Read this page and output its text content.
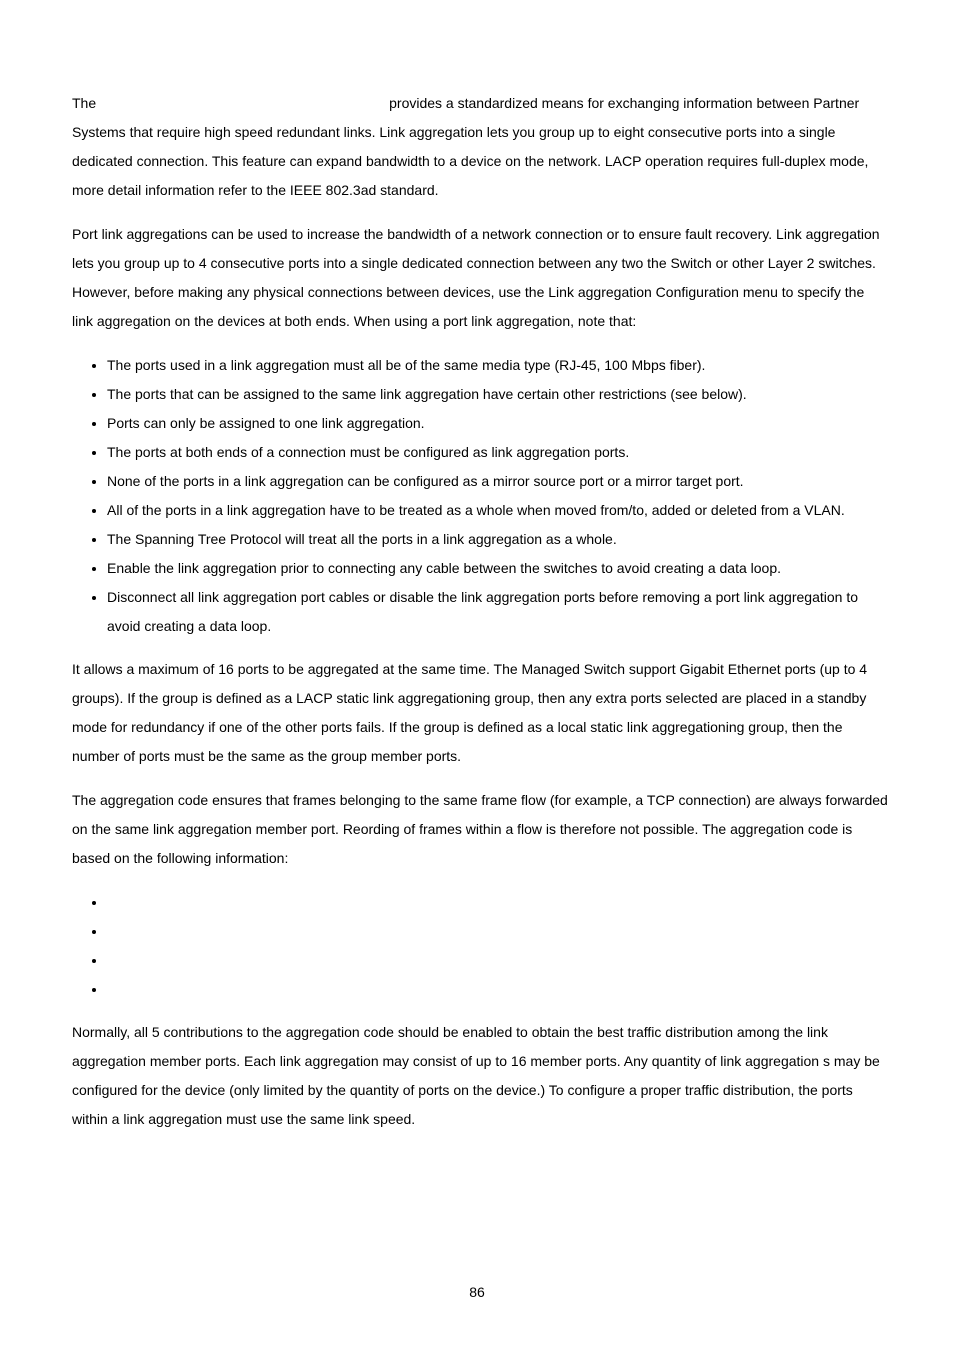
The	provides a standardized means for exchanging information between Partner Systems that require high speed redundant links. Link aggregation lets you group up to eight consecutive ports into a single dedicated connection. This feature can expand bandwidth to a device on the network. LACP operation requires full-duplex mode, more detail information refer to the IEEE 802.3ad standard.

Port link aggregations can be used to increase the bandwidth of a network connection or to ensure fault recovery. Link aggregation lets you group up to 4 consecutive ports into a single dedicated connection between any two the Switch or other Layer 2 switches. However, before making any physical connections between devices, use the Link aggregation Configuration menu to specify the link aggregation on the devices at both ends. When using a port link aggregation, note that:

• The ports used in a link aggregation must all be of the same media type (RJ-45, 100 Mbps fiber).
• The ports that can be assigned to the same link aggregation have certain other restrictions (see below).
• Ports can only be assigned to one link aggregation.
• The ports at both ends of a connection must be configured as link aggregation ports.
• None of the ports in a link aggregation can be configured as a mirror source port or a mirror target port.
• All of the ports in a link aggregation have to be treated as a whole when moved from/to, added or deleted from a VLAN.
• The Spanning Tree Protocol will treat all the ports in a link aggregation as a whole.
• Enable the link aggregation prior to connecting any cable between the switches to avoid creating a data loop.
• Disconnect all link aggregation port cables or disable the link aggregation ports before removing a port link aggregation to avoid creating a data loop.

It allows a maximum of 16 ports to be aggregated at the same time. The Managed Switch support Gigabit Ethernet ports (up to 4 groups). If the group is defined as a LACP static link aggregationing group, then any extra ports selected are placed in a standby mode for redundancy if one of the other ports fails. If the group is defined as a local static link aggregationing group, then the number of ports must be the same as the group member ports.

The aggregation code ensures that frames belonging to the same frame flow (for example, a TCP connection) are always forwarded on the same link aggregation member port. Reording of frames within a flow is therefore not possible. The aggregation code is based on the following information:

•
•
•
•

Normally, all 5 contributions to the aggregation code should be enabled to obtain the best traffic distribution among the link aggregation member ports. Each link aggregation may consist of up to 16 member ports. Any quantity of link aggregation s may be configured for the device (only limited by the quantity of ports on the device.) To configure a proper traffic distribution, the ports within a link aggregation must use the same link speed.

86
